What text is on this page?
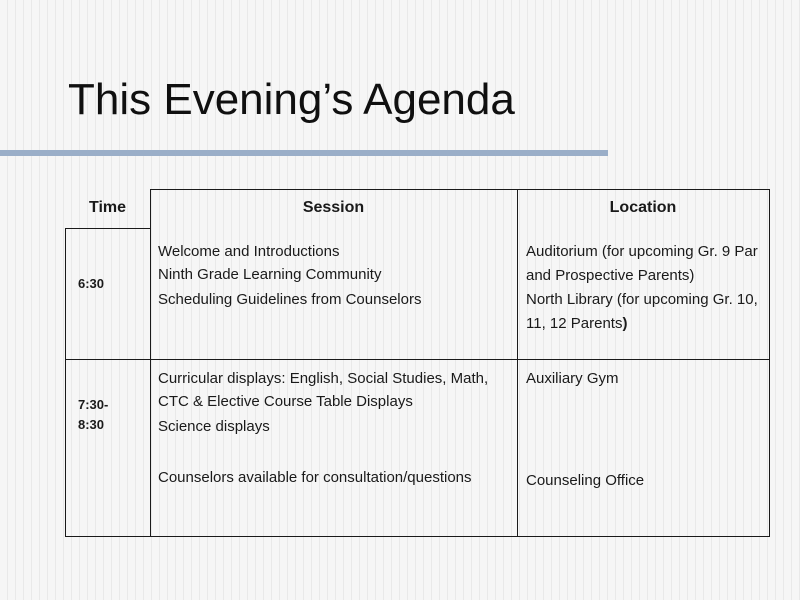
This Evening’s Agenda
Time	Session	Location
6:30
Welcome and Introductions
Ninth Grade Learning Community
Scheduling Guidelines from Counselors
Auditorium (for upcoming Gr. 9 Par and Prospective Parents)
North Library (for upcoming Gr. 10, 11, 12 Parents)
7:30-
8:30
Curricular displays: English, Social Studies, Math,
CTC & Elective Course Table Displays
Science displays
Counselors available for consultation/questions
Auxiliary Gym
Counseling Office
